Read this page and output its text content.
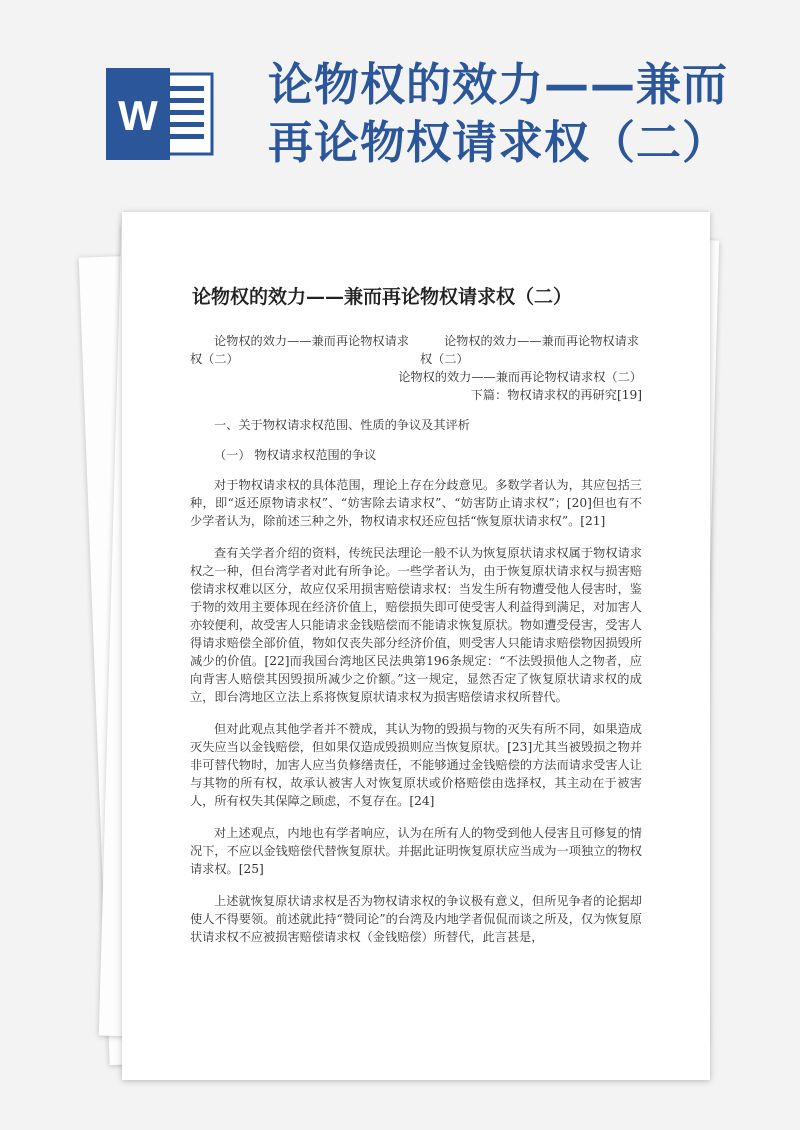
W
论物权的效力——兼而再论物权请求权（二）
论物权的效力——兼而再论物权请求权（二）
论物权的效力——兼而再论物权请求权（二）
论物权的效力——兼而再论物权请求权（二）
论物权的效力——兼而再论物权请求权（二）
下篇：物权请求权的再研究[19]
一、关于物权请求权范围、性质的争议及其评析
（一） 物权请求权范围的争议

对于物权请求权的具体范围，理论上存在分歧意见。多数学者认为，其应包括三种，即“返还原物请求权”、“妨害除去请求权”、“妨害防止请求权”；[20]但也有不少学者认为，除前述三种之外，物权请求权还应包括“恢复原状请求权”。[21]

查有关学者介绍的资料，传统民法理论一般不认为恢复原状请求权属于物权请求权之一种，但台湾学者对此有所争论。一些学者认为，由于恢复原状请求权与损害赔偿请求权难以区分，故应仅采用损害赔偿请求权：当发生所有物遭受他人侵害时，鉴于物的效用主要体现在经济价值上，赔偿损失即可使受害人利益得到满足，对加害人亦较便利，故受害人只能请求金钱赔偿而不能请求恢复原状。物如遭受侵害，受害人得请求赔偿全部价值，物如仅丧失部分经济价值，则受害人只能请求赔偿物因损毁所减少的价值。[22]而我国台湾地区民法典第196条规定：“不法毁损他人之物者，应向背害人赔偿其因毁损所减少之价额。”这一规定，显然否定了恢复原状请求权的成立，即台湾地区立法上系将恢复原状请求权为损害赔偿请求权所替代。

但对此观点其他学者并不赞成，其认为物的毁损与物的灭失有所不同，如果造成灭失应当以金钱赔偿，但如果仅造成毁损则应当恢复原状。[23]尤其当被毁损之物并非可替代物时，加害人应当负修缮责任，不能够通过金钱赔偿的方法而请求受害人让与其物的所有权，故承认被害人对恢复原状或价格赔偿由选择权，其主动在于被害人，所有权失其保障之顾虑，不复存在。[24]

对上述观点，内地也有学者响应，认为在所有人的物受到他人侵害且可修复的情况下，不应以金钱赔偿代替恢复原状。并据此证明恢复原状应当成为一项独立的物权请求权。[25]

上述就恢复原状请求权是否为物权请求权的争议极有意义，但所见争者的论据却使人不得要领。前述就此持“赞同论”的台湾及内地学者侃侃而谈之所及，仅为恢复原状请求权不应被损害赔偿请求权（金钱赔偿）所替代，此言甚是，
